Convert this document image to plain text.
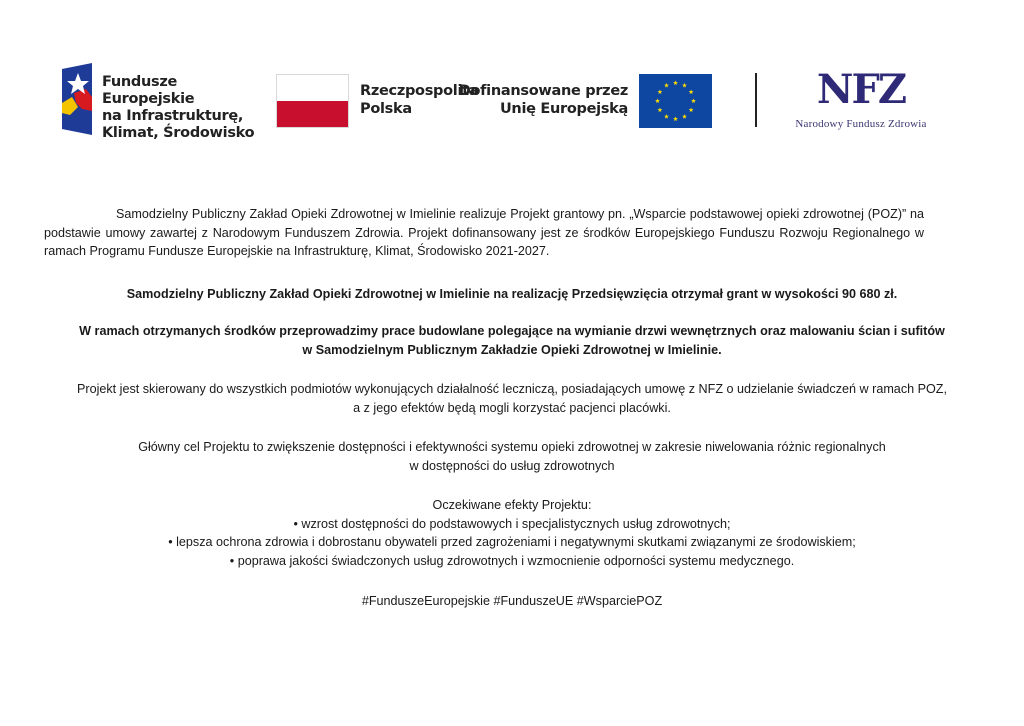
Fundusze Europejskie
na Infrastrukturę,
Klimat, Środowisko
Rzeczpospolita
Polska
Dofinansowane przez
Unię Europejską	NFZ
Narodowy Fundusz Zdrowia

Samodzielny Publiczny Zakład Opieki Zdrowotnej w Imielinie realizuje Projekt grantowy pn. „Wsparcie podstawowej opieki zdrowotnej (POZ)” na podstawie umowy zawartej z Narodowym Funduszem Zdrowia. Projekt dofinansowany jest ze środków Europejskiego Funduszu Rozwoju Regionalnego w ramach Programu Fundusze Europejskie na Infrastrukturę, Klimat, Środowisko 2021-2027.

Samodzielny Publiczny Zakład Opieki Zdrowotnej w Imielinie na realizację Przedsięwzięcia otrzymał grant w wysokości 90 680 zł.

W ramach otrzymanych środków przeprowadzimy prace budowlane polegające na wymianie drzwi wewnętrznych oraz malowaniu ścian i sufitów
w Samodzielnym Publicznym Zakładzie Opieki Zdrowotnej w Imielinie.
Projekt jest skierowany do wszystkich podmiotów wykonujących działalność leczniczą, posiadających umowę z NFZ o udzielanie świadczeń w ramach POZ,
a z jego efektów będą mogli korzystać pacjenci placówki.
Główny cel Projektu to zwiększenie dostępności i efektywności systemu opieki zdrowotnej w zakresie niwelowania różnic regionalnych
w dostępności do usług zdrowotnych
Oczekiwane efekty Projektu:
• wzrost dostępności do podstawowych i specjalistycznych usług zdrowotnych;
• lepsza ochrona zdrowia i dobrostanu obywateli przed zagrożeniami i negatywnymi skutkami związanymi ze środowiskiem;
• poprawa jakości świadczonych usług zdrowotnych i wzmocnienie odporności systemu medycznego.

#FunduszeEuropejskie #FunduszeUE #WsparciePOZ
